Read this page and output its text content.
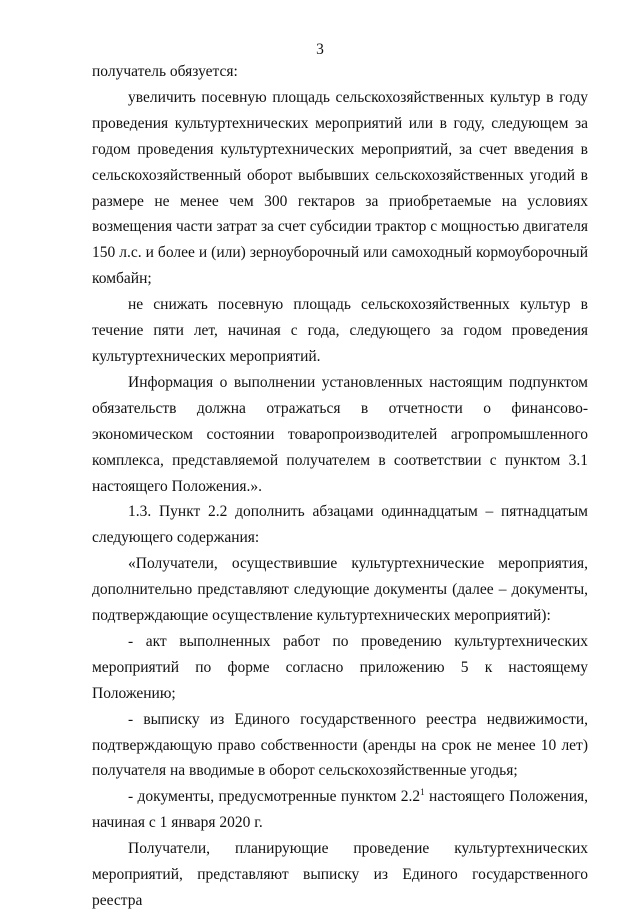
3

получатель обязуется:

увеличить посевную площадь сельскохозяйственных культур в году проведения культуртехнических мероприятий или в году, следующем за годом проведения культуртехнических мероприятий, за счет введения в сельскохозяйственный оборот выбывших сельскохозяйственных угодий в размере не менее чем 300 гектаров за приобретаемые на условиях возмещения части затрат за счет субсидии трактор с мощностью двигателя 150 л.с. и более и (или) зерноуборочный или самоходный кормоуборочный комбайн;

не снижать посевную площадь сельскохозяйственных культур в течение пяти лет, начиная с года, следующего за годом проведения культуртехнических мероприятий.

Информация о выполнении установленных настоящим подпунктом обязательств должна отражаться в отчетности о финансово-экономическом состоянии товаропроизводителей агропромышленного комплекса, представляемой получателем в соответствии с пунктом 3.1 настоящего Положения.».

1.3. Пункт 2.2 дополнить абзацами одиннадцатым – пятнадцатым следующего содержания:

«Получатели, осуществившие культуртехнические мероприятия, дополнительно представляют следующие документы (далее – документы, подтверждающие осуществление культуртехнических мероприятий):

- акт выполненных работ по проведению культуртехнических мероприятий по форме согласно приложению 5 к настоящему Положению;

- выписку из Единого государственного реестра недвижимости, подтверждающую право собственности (аренды на срок не менее 10 лет) получателя на вводимые в оборот сельскохозяйственные угодья;

- документы, предусмотренные пунктом $2.2^1$ настоящего Положения, начиная с 1 января 2020 г.

Получатели, планирующие проведение культуртехнических мероприятий, представляют выписку из Единого государственного реестра
